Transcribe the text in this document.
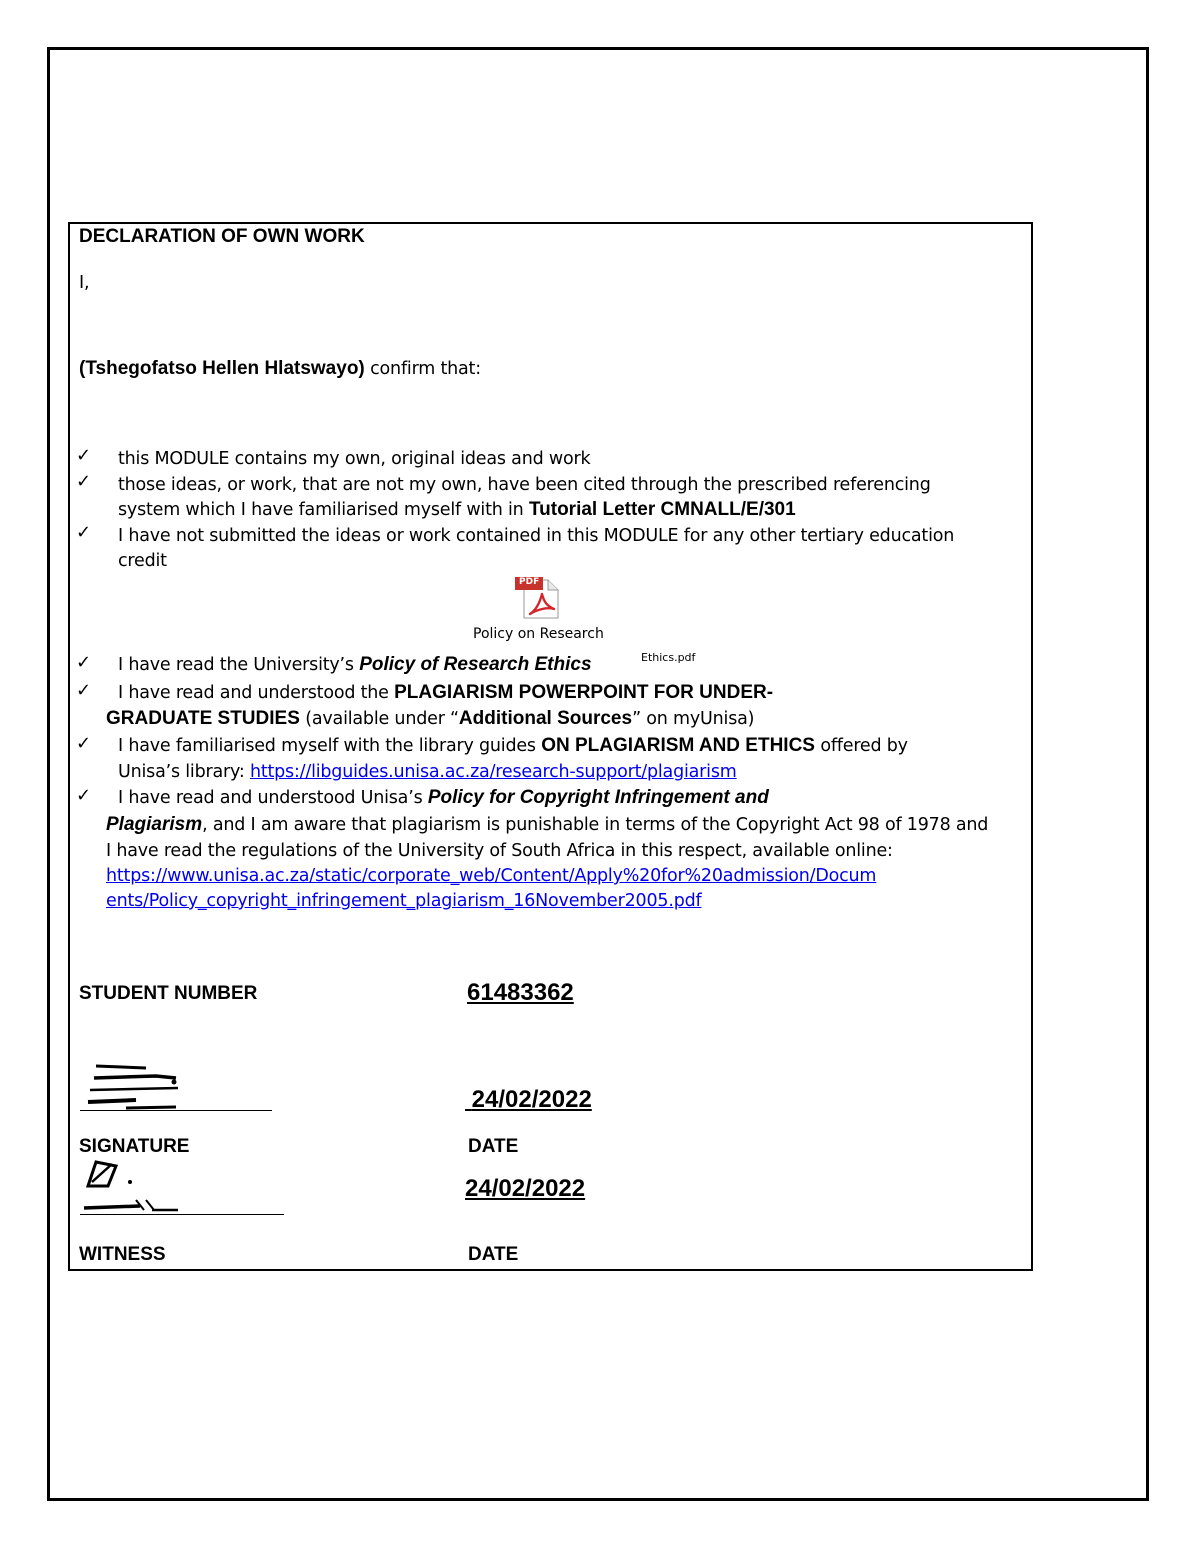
DECLARATION OF OWN WORK
I,
(Tshegofatso Hellen Hlatswayo) confirm that:
✓ this MODULE contains my own, original ideas and work
✓ those ideas, or work, that are not my own, have been cited through the prescribed referencing
system which I have familiarised myself with in Tutorial Letter CMNALL/E/301
✓ I have not submitted the ideas or work contained in this MODULE for any other tertiary education
credit
PDF
Policy on Research
Ethics.pdf
✓ I have read the University’s Policy of Research Ethics
✓ I have read and understood the PLAGIARISM POWERPOINT FOR UNDER-
GRADUATE STUDIES (available under “Additional Sources” on myUnisa)
✓ I have familiarised myself with the library guides ON PLAGIARISM AND ETHICS offered by
Unisa’s library: https://libguides.unisa.ac.za/research-support/plagiarism
✓ I have read and understood Unisa’s Policy for Copyright Infringement and
Plagiarism, and I am aware that plagiarism is punishable in terms of the Copyright Act 98 of 1978 and
I have read the regulations of the University of South Africa in this respect, available online:
https://www.unisa.ac.za/static/corporate_web/Content/Apply%20for%20admission/Docum
ents/Policy_copyright_infringement_plagiarism_16November2005.pdf
STUDENT NUMBER	61483362
24/02/2022
SIGNATURE	DATE
24/02/2022
WITNESS	DATE
